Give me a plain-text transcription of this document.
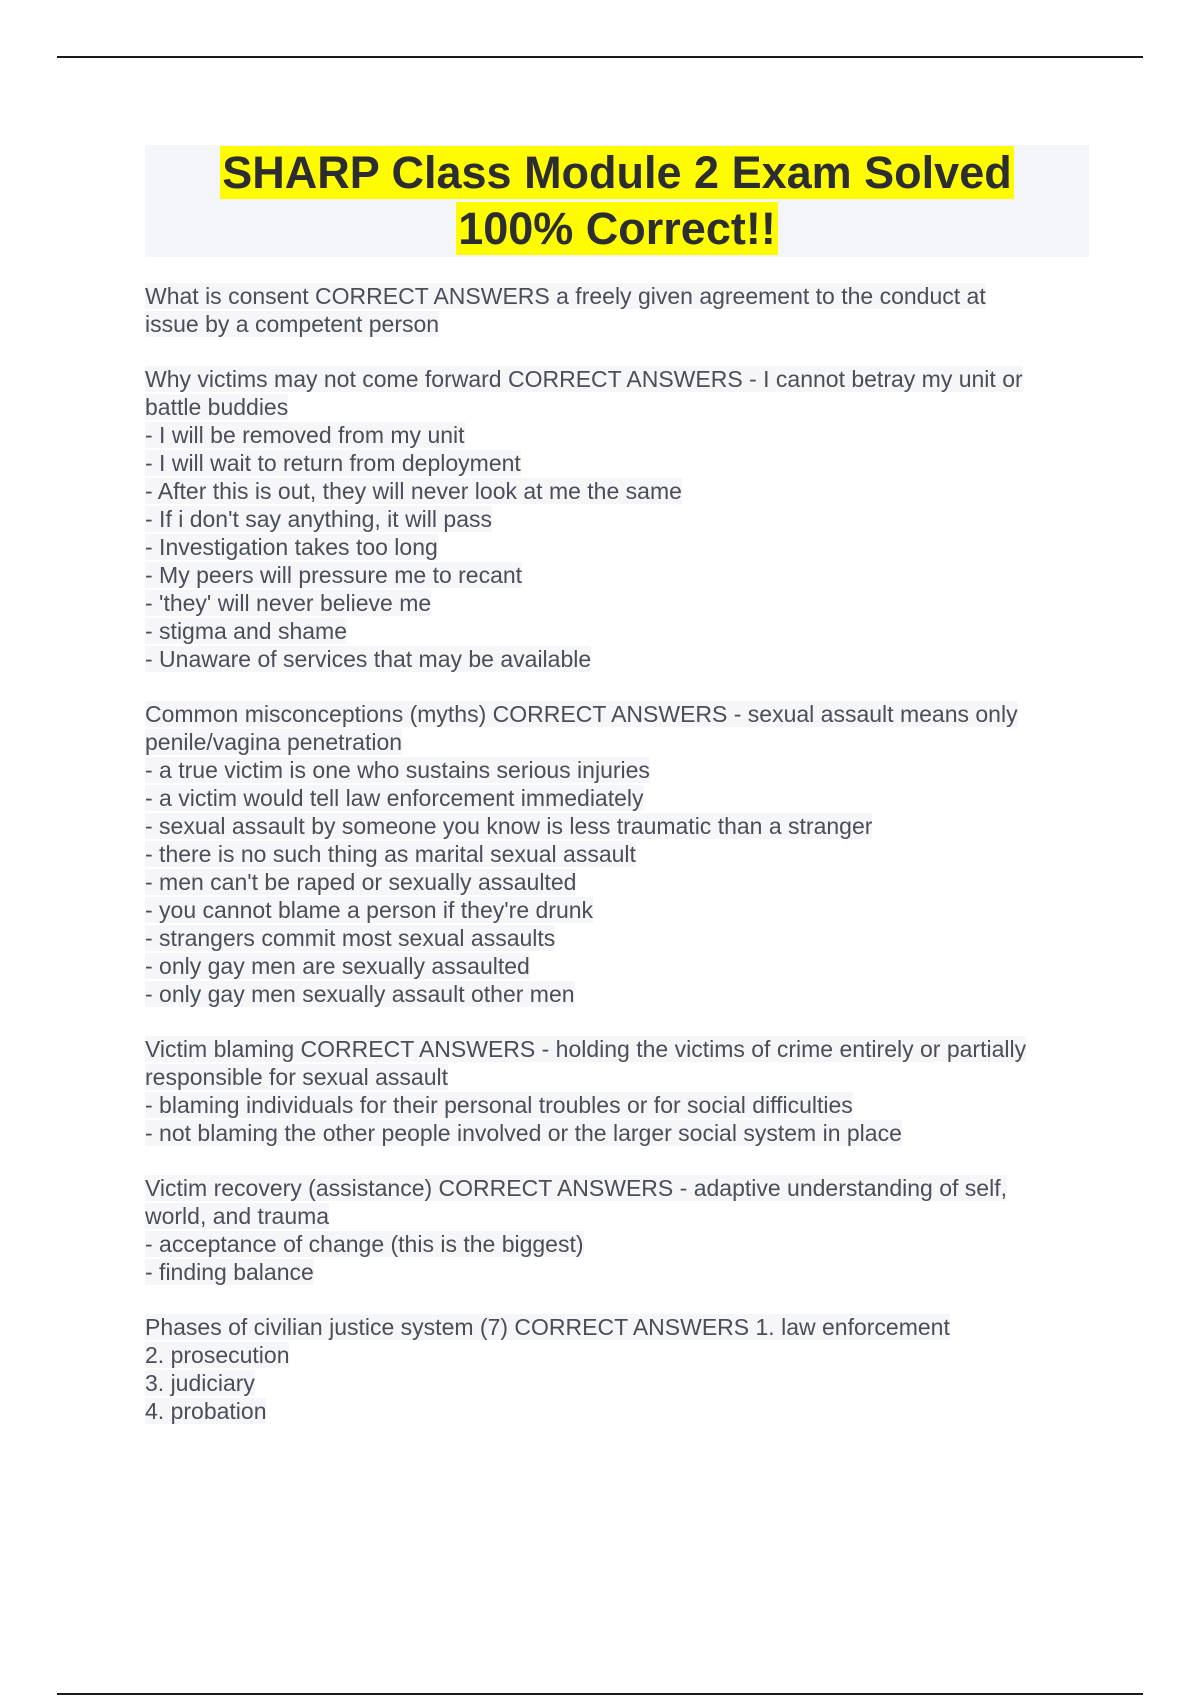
SHARP Class Module 2 Exam Solved
100% Correct!!

What is consent CORRECT ANSWERS a freely given agreement to the conduct at

issue by a competent person

Why victims may not come forward CORRECT ANSWERS - I cannot betray my unit or

battle buddies

- I will be removed from my unit

- I will wait to return from deployment

- After this is out, they will never look at me the same

- If i don't say anything, it will pass

- Investigation takes too long

- My peers will pressure me to recant

- 'they' will never believe me

- stigma and shame

- Unaware of services that may be available

Common misconceptions (myths) CORRECT ANSWERS - sexual assault means only

penile/vagina penetration

- a true victim is one who sustains serious injuries

- a victim would tell law enforcement immediately

- sexual assault by someone you know is less traumatic than a stranger

- there is no such thing as marital sexual assault

- men can't be raped or sexually assaulted

- you cannot blame a person if they're drunk

- strangers commit most sexual assaults

- only gay men are sexually assaulted

- only gay men sexually assault other men

Victim blaming CORRECT ANSWERS - holding the victims of crime entirely or partially

responsible for sexual assault

- blaming individuals for their personal troubles or for social difficulties

- not blaming the other people involved or the larger social system in place

Victim recovery (assistance) CORRECT ANSWERS - adaptive understanding of self,

world, and trauma

- acceptance of change (this is the biggest)

- finding balance

Phases of civilian justice system (7) CORRECT ANSWERS 1. law enforcement

2. prosecution

3. judiciary

4. probation
